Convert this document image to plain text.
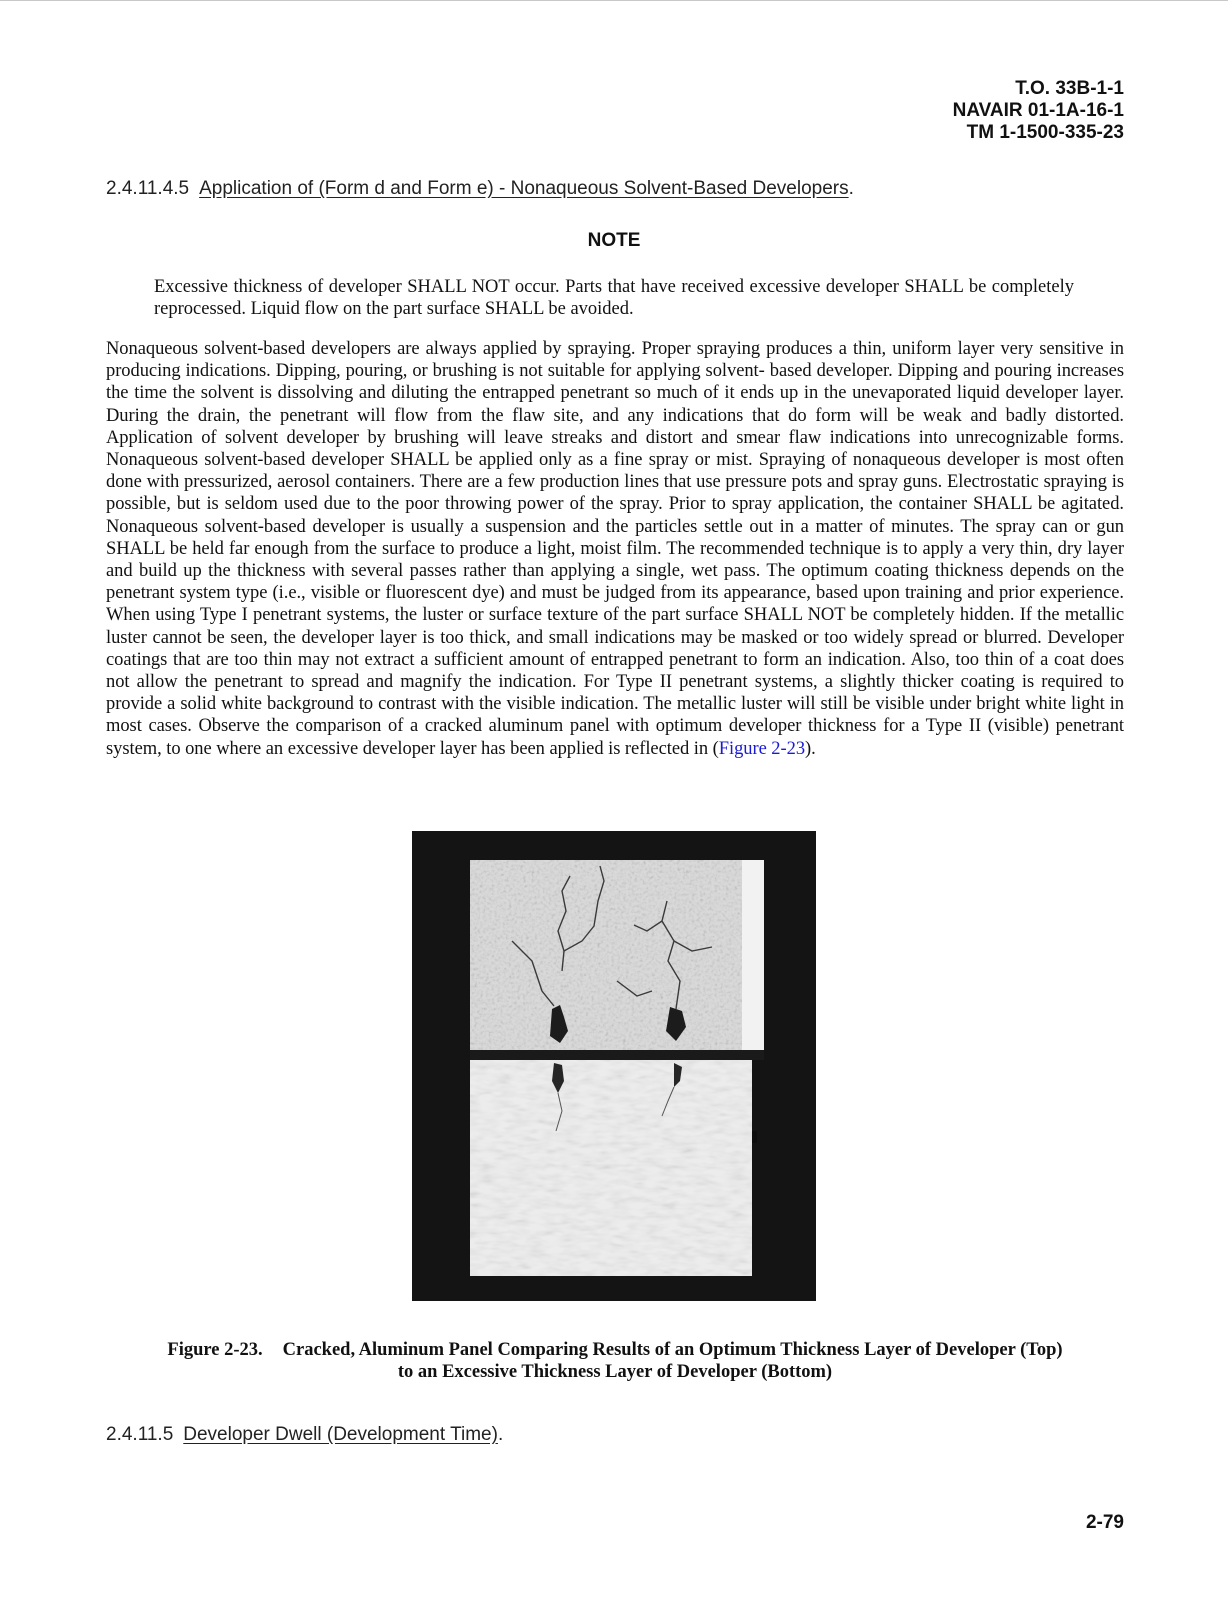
T.O. 33B-1-1
NAVAIR 01-1A-16-1
TM 1-1500-335-23
2.4.11.4.5 Application of (Form d and Form e) - Nonaqueous Solvent-Based Developers.
NOTE
Excessive thickness of developer SHALL NOT occur. Parts that have received excessive developer SHALL be completely reprocessed. Liquid flow on the part surface SHALL be avoided.
Nonaqueous solvent-based developers are always applied by spraying. Proper spraying produces a thin, uniform layer very sensitive in producing indications. Dipping, pouring, or brushing is not suitable for applying solvent- based developer. Dipping and pouring increases the time the solvent is dissolving and diluting the entrapped penetrant so much of it ends up in the unevaporated liquid developer layer. During the drain, the penetrant will flow from the flaw site, and any indications that do form will be weak and badly distorted. Application of solvent developer by brushing will leave streaks and distort and smear flaw indications into unrecognizable forms. Nonaqueous solvent-based developer SHALL be applied only as a fine spray or mist. Spraying of nonaqueous developer is most often done with pressurized, aerosol containers. There are a few production lines that use pressure pots and spray guns. Electrostatic spraying is possible, but is seldom used due to the poor throwing power of the spray. Prior to spray application, the container SHALL be agitated. Nonaqueous solvent-based developer is usually a suspension and the particles settle out in a matter of minutes. The spray can or gun SHALL be held far enough from the surface to produce a light, moist film. The recommended technique is to apply a very thin, dry layer and build up the thickness with several passes rather than applying a single, wet pass. The optimum coating thickness depends on the penetrant system type (i.e., visible or fluorescent dye) and must be judged from its appearance, based upon training and prior experience. When using Type I penetrant systems, the luster or surface texture of the part surface SHALL NOT be completely hidden. If the metallic luster cannot be seen, the developer layer is too thick, and small indications may be masked or too widely spread or blurred. Developer coatings that are too thin may not extract a sufficient amount of entrapped penetrant to form an indication. Also, too thin of a coat does not allow the penetrant to spread and magnify the indication. For Type II penetrant systems, a slightly thicker coating is required to provide a solid white background to contrast with the visible indication. The metallic luster will still be visible under bright white light in most cases. Observe the comparison of a cracked aluminum panel with optimum developer thickness for a Type II (visible) penetrant system, to one where an excessive developer layer has been applied is reflected in (Figure 2-23).
Figure 2-23. Cracked, Aluminum Panel Comparing Results of an Optimum Thickness Layer of Developer (Top)
to an Excessive Thickness Layer of Developer (Bottom)
2.4.11.5 Developer Dwell (Development Time).
2-79
